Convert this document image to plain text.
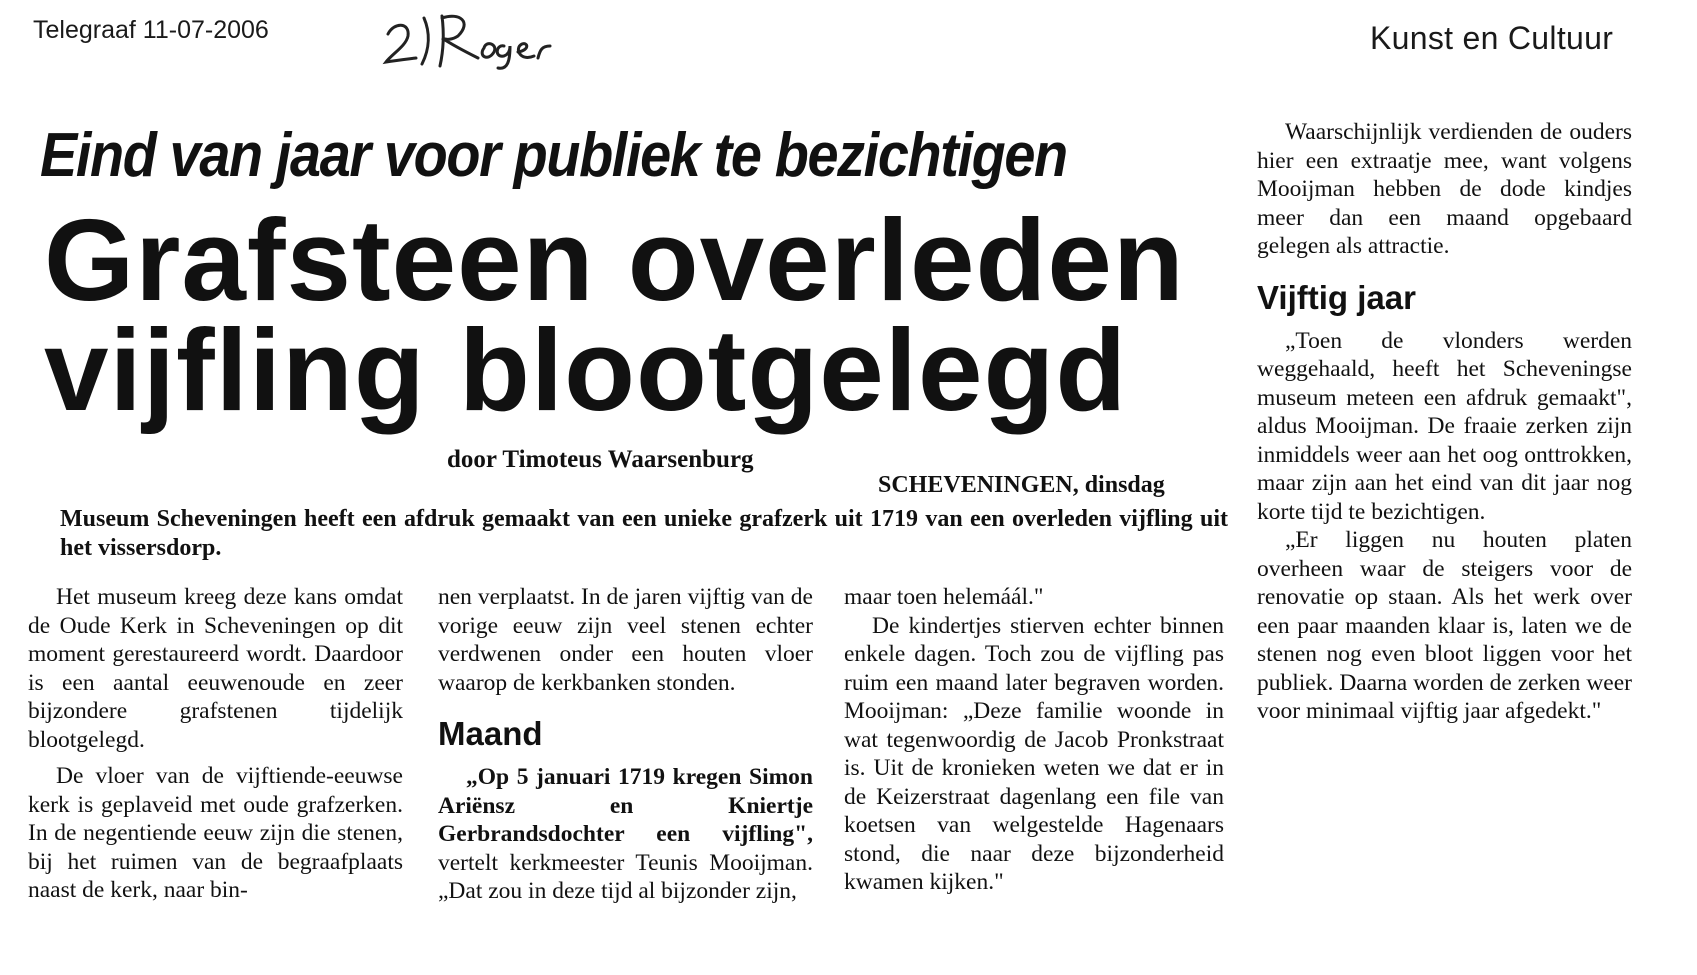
Telegraaf 11-07-2006	Kunst en Cultuur
Eind van jaar voor publiek te bezichtigen
Grafsteen overleden
vijfling blootgelegd
door Timoteus Waarsenburg
SCHEVENINGEN, dinsdag
Museum Scheveningen heeft een afdruk gemaakt van een unieke grafzerk uit 1719 van een overleden vijfling uit het vissersdorp.

Het museum kreeg deze kans omdat de Oude Kerk in Scheveningen op dit moment gerestaureerd wordt. Daardoor is een aantal eeuwenoude en zeer bijzondere grafstenen tijdelijk blootgelegd.

De vloer van de vijftiende-eeuwse kerk is geplaveid met oude grafzerken. In de negentiende eeuw zijn die stenen, bij het ruimen van de begraafplaats naast de kerk, naar bin-

nen verplaatst. In de jaren vijftig van de vorige eeuw zijn veel stenen echter verdwenen onder een houten vloer waarop de kerkbanken stonden.

Maand

„Op 5 januari 1719 kregen Simon Ariënsz en Kniertje Gerbrandsdochter een vijfling", vertelt kerkmeester Teunis Mooijman. „Dat zou in deze tijd al bijzonder zijn,

maar toen helemáál."

De kindertjes stierven echter binnen enkele dagen. Toch zou de vijfling pas ruim een maand later begraven worden. Mooijman: „Deze familie woonde in wat tegenwoordig de Jacob Pronkstraat is. Uit de kronieken weten we dat er in de Keizerstraat dagenlang een file van koetsen van welgestelde Hagenaars stond, die naar deze bijzonderheid kwamen kijken."

Waarschijnlijk verdienden de ouders hier een extraatje mee, want volgens Mooijman hebben de dode kindjes meer dan een maand opgebaard gelegen als attractie.

Vijftig jaar

„Toen de vlonders werden weggehaald, heeft het Scheveningse museum meteen een afdruk gemaakt", aldus Mooijman. De fraaie zerken zijn inmiddels weer aan het oog onttrokken, maar zijn aan het eind van dit jaar nog korte tijd te bezichtigen.

„Er liggen nu houten platen overheen waar de steigers voor de renovatie op staan. Als het werk over een paar maanden klaar is, laten we de stenen nog even bloot liggen voor het publiek. Daarna worden de zerken weer voor minimaal vijftig jaar afgedekt."
